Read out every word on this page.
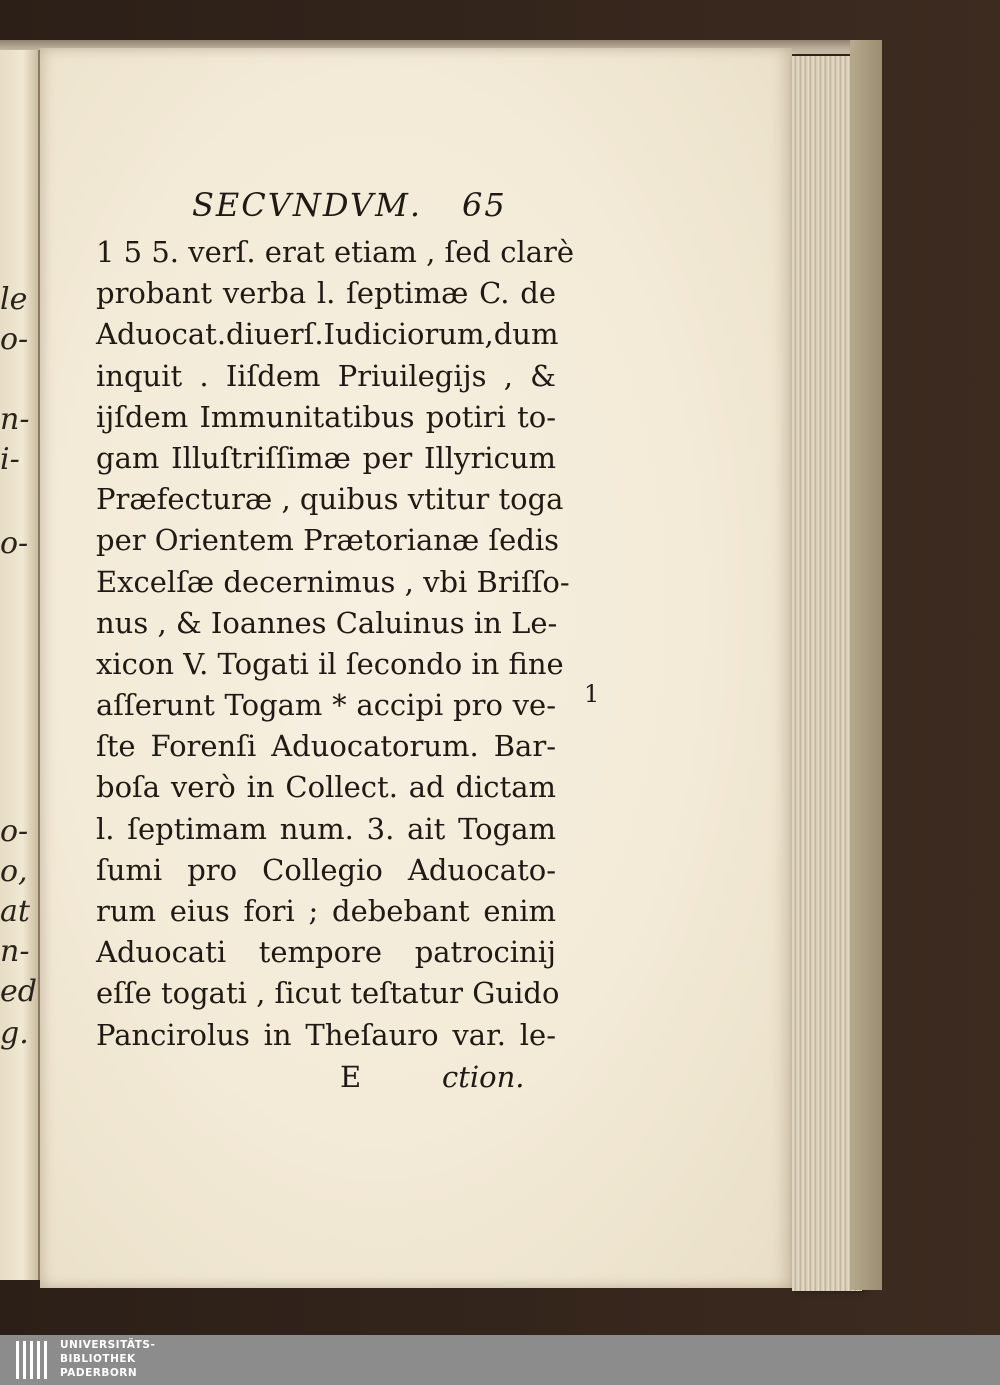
le
o-
n-
i-
o-
o-
o,
at
n-
ed
g.
SECVNDVM. 65
1 5 5. verſ. erat etiam , ſed clarè
probant verba l. ſeptimæ C. de
Aduocat.diuerſ.Iudiciorum,dum
inquit . Iiſdem Priuilegijs , &
ijſdem Immunitatibus potiri to-
gam Illuſtriſſimæ per Illyricum
Præfecturæ , quibus vtitur toga
per Orientem Prætorianæ ſedis
Excelſæ decernimus , vbi Briſſo-
nus , & Ioannes Caluinus in Le-
xicon V. Togati il ſecondo in fine
aſſerunt Togam * accipi pro ve-
ſte Forenſi Aduocatorum. Bar-
boſa verò in Collect. ad dictam
l. ſeptimam num. 3. ait Togam
ſumi pro Collegio Aduocato-
rum eius fori ; debebant enim
Aduocati tempore patrocinij
eſſe togati , ſicut teſtatur Guido
Pancirolus in Theſauro var. le-
E	ction.
1
UNIVERSITÄTS-
BIBLIOTHEK
PADERBORN
